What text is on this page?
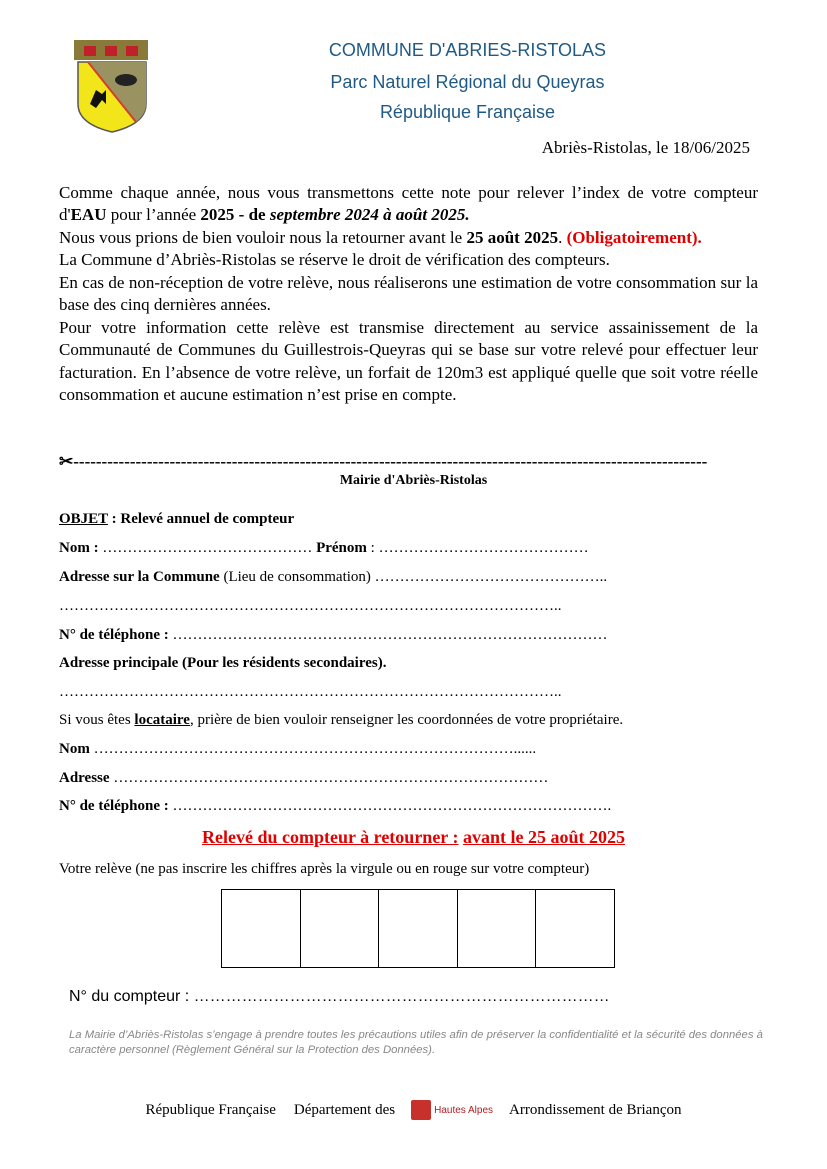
COMMUNE D'ABRIES-RISTOLAS
Parc Naturel Régional du Queyras
République Française
Abriès-Ristolas, le 18/06/2025

Comme chaque année, nous vous transmettons cette note pour relever l’index de votre compteur d'EAU pour l’année 2025 - de septembre 2024 à août 2025.

Nous vous prions de bien vouloir nous la retourner avant le 25 août 2025. (Obligatoirement).

La Commune d’Abriès-Ristolas se réserve le droit de vérification des compteurs.

En cas de non-réception de votre relève, nous réaliserons une estimation de votre consommation sur la base des cinq dernières années.

Pour votre information cette relève est transmise directement au service assainissement de la Communauté de Communes du Guillestrois-Queyras qui se base sur votre relevé pour effectuer leur facturation. En l’absence de votre relève, un forfait de 120m3 est appliqué quelle que soit votre réelle consommation et aucune estimation n’est prise en compte.

✂----------------------------------------------------------------------------------------------------------------
Mairie d'Abriès-Ristolas
OBJET : Relevé annuel de compteur
Nom : …………………………………… Prénom : ……………………………………
Adresse sur la Commune (Lieu de consommation) ………………………………………..
………………………………………………………………………………………..
N° de téléphone : ……………………………………………………………………………
Adresse principale (Pour les résidents secondaires).
………………………………………………………………………………………..
Si vous êtes locataire, prière de bien vouloir renseigner les coordonnées de votre propriétaire.
Nom …………………………………………………………………………......
Adresse ……………………………………………………………………………
N° de téléphone : …………………………………………………………………………….
Relevé du compteur à retourner : avant le 25 août 2025
Votre relève (ne pas inscrire les chiffres après la virgule ou en rouge sur votre compteur)
N° du compteur : ……………………………………………………………………
La Mairie d’Abriès-Ristolas s’engage à prendre toutes les précautions utiles afin de préserver la confidentialité et la sécurité des données à caractère personnel (Règlement Général sur la Protection des Données).
République Française Département des	Hautes Alpes Arrondissement de Briançon
